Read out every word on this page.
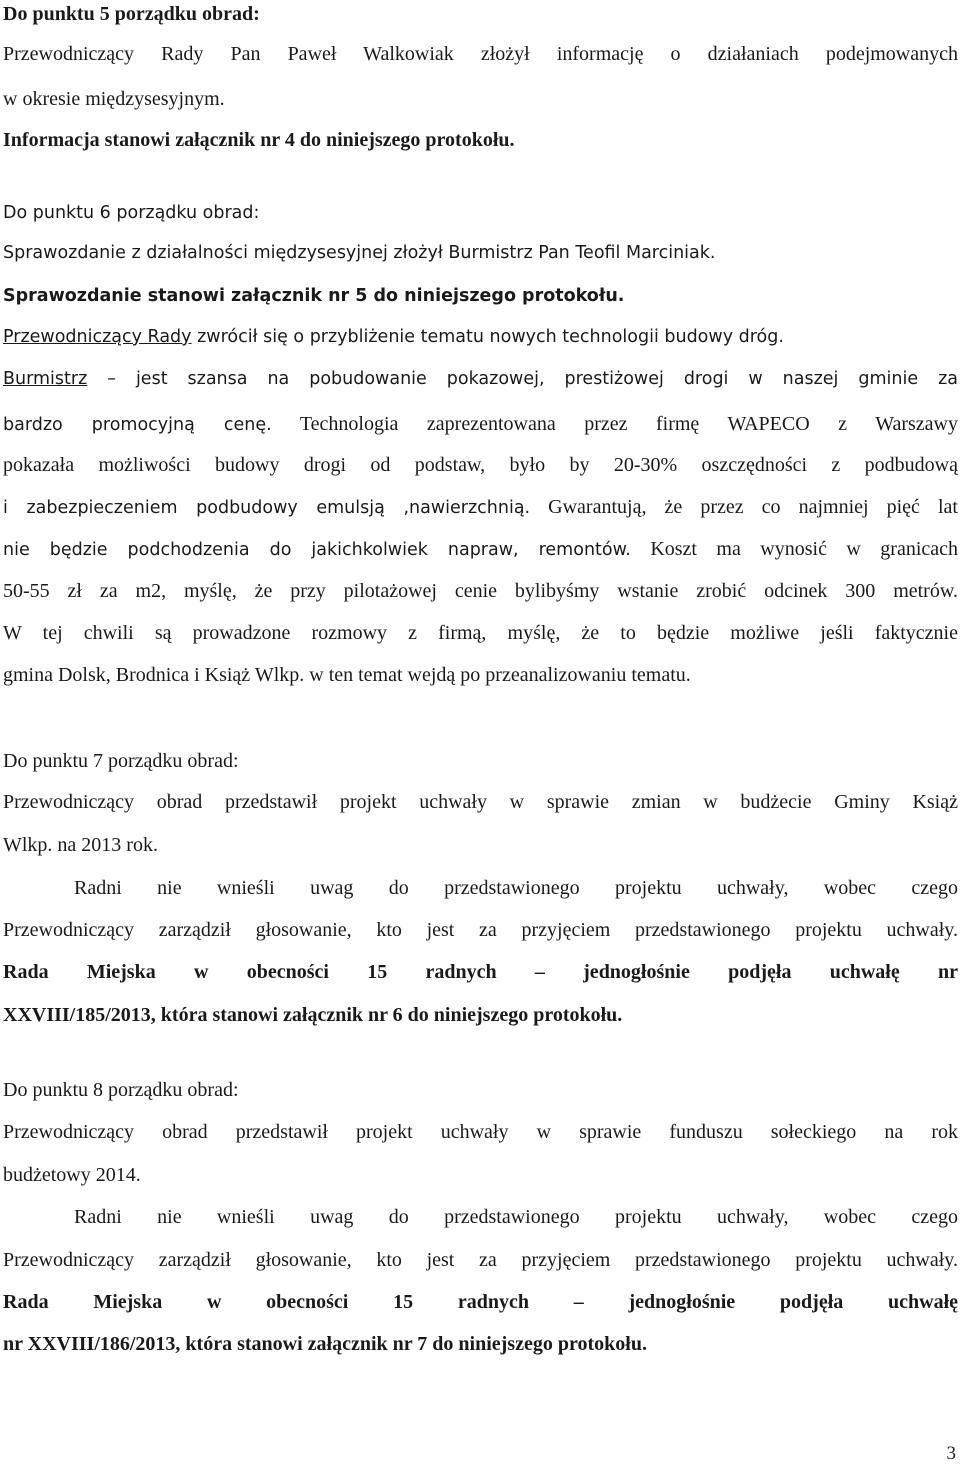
Do punktu 5 porządku obrad:
Przewodniczący Rady Pan Paweł Walkowiak złożył informację o działaniach podejmowanych
w okresie międzysesyjnym.
Informacja stanowi załącznik nr 4 do niniejszego protokołu.
Do punktu 6 porządku obrad:
Sprawozdanie z działalności międzysesyjnej złożył Burmistrz Pan Teofil Marciniak.
Sprawozdanie stanowi załącznik nr 5 do niniejszego protokołu.
Przewodniczący Rady zwrócił się o przybliżenie tematu nowych technologii budowy dróg.
Burmistrz – jest szansa na pobudowanie pokazowej, prestiżowej drogi w naszej gminie za
bardzo promocyjną cenę. Technologia zaprezentowana przez firmę WAPECO z Warszawy
pokazała możliwości budowy drogi od podstaw, było by 20-30% oszczędności z podbudową
i zabezpieczeniem podbudowy emulsją ,nawierzchnią. Gwarantują, że przez co najmniej pięć lat
nie będzie podchodzenia do jakichkolwiek napraw, remontów. Koszt ma wynosić w granicach
50-55 zł za m2, myślę, że przy pilotażowej cenie bylibyśmy wstanie zrobić odcinek 300 metrów.
W tej chwili są prowadzone rozmowy z firmą, myślę, że to będzie możliwe jeśli faktycznie
gmina Dolsk, Brodnica i Książ Wlkp. w ten temat wejdą po przeanalizowaniu tematu.
Do punktu 7 porządku obrad:
Przewodniczący obrad przedstawił projekt uchwały w sprawie zmian w budżecie Gminy Książ
Wlkp. na 2013 rok.
Radni nie wnieśli uwag do przedstawionego projektu uchwały, wobec czego
Przewodniczący zarządził głosowanie, kto jest za przyjęciem przedstawionego projektu uchwały.
Rada Miejska w obecności 15 radnych – jednogłośnie podjęła uchwałę nr
XXVIII/185/2013, która stanowi załącznik nr 6 do niniejszego protokołu.
Do punktu 8 porządku obrad:
Przewodniczący obrad przedstawił projekt uchwały w sprawie funduszu sołeckiego na rok
budżetowy 2014.
Radni nie wnieśli uwag do przedstawionego projektu uchwały, wobec czego
Przewodniczący zarządził głosowanie, kto jest za przyjęciem przedstawionego projektu uchwały.
Rada Miejska w obecności 15 radnych – jednogłośnie podjęła uchwałę
nr XXVIII/186/2013, która stanowi załącznik nr 7 do niniejszego protokołu.
3
